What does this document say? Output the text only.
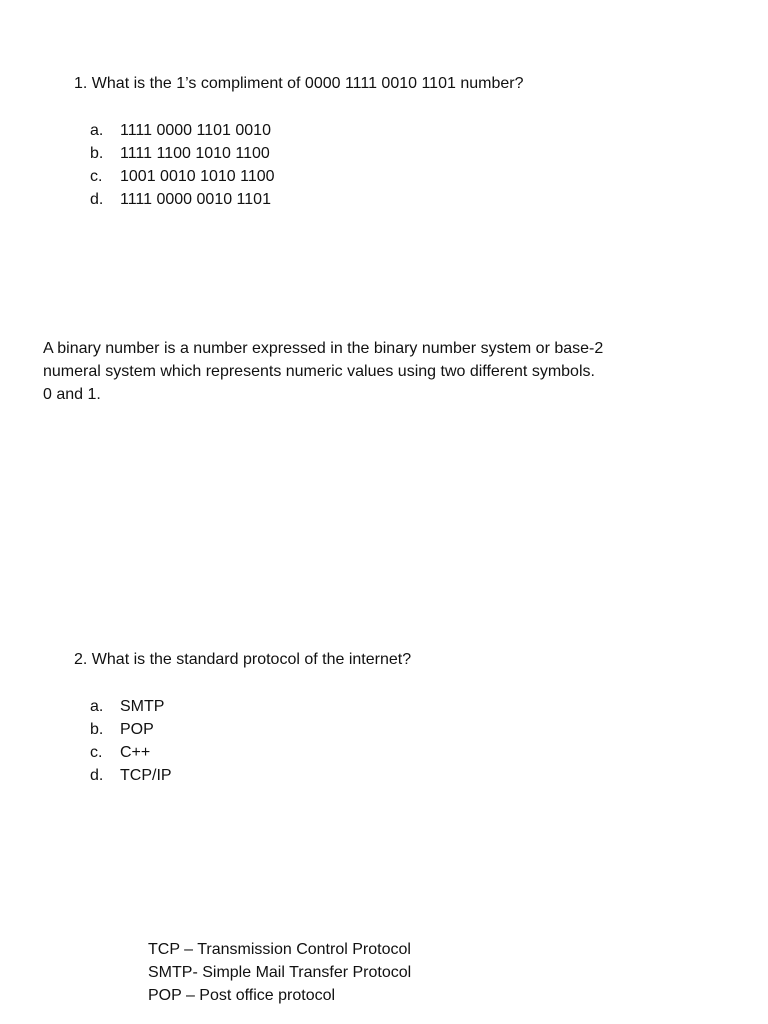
1. What is the 1’s compliment of 0000 1111 0010 1101 number?
a. 1111 0000 1101 0010
b. 1111 1100 1010 1100
c. 1001 0010 1010 1100
d. 1111 0000 0010 1101
A binary number is a number expressed in the binary number system or base-2
numeral system which represents numeric values using two different symbols.
0 and 1.
2. What is the standard protocol of the internet?
a. SMTP
b. POP
c. C++
d. TCP/IP
TCP – Transmission Control Protocol
SMTP- Simple Mail Transfer Protocol
POP – Post office protocol
